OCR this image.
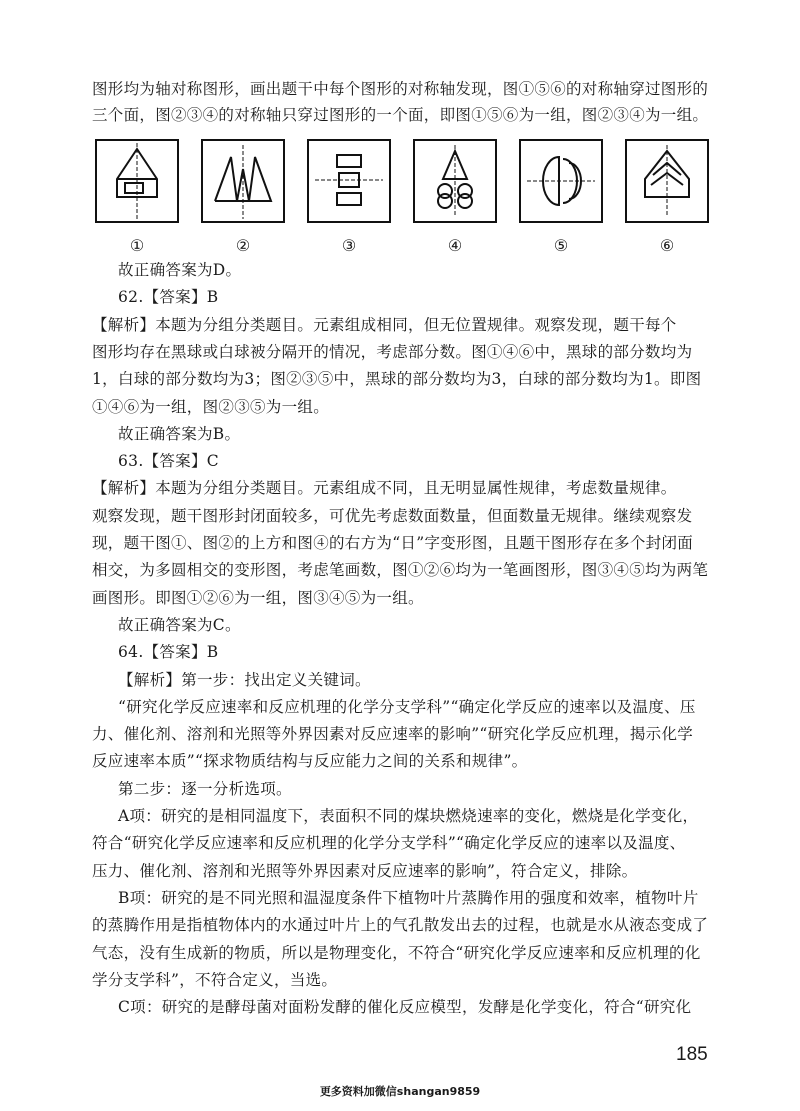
图形均为轴对称图形，画出题干中每个图形的对称轴发现，图①⑤⑥的对称轴穿过图形的
三个面，图②③④的对称轴只穿过图形的一个面，即图①⑤⑥为一组，图②③④为一组。
①	②	③	④	⑤	⑥
故正确答案为D。
62.【答案】B
【解析】本题为分组分类题目。元素组成相同，但无位置规律。观察发现，题干每个
图形均存在黑球或白球被分隔开的情况，考虑部分数。图①④⑥中，黑球的部分数均为
1，白球的部分数均为3；图②③⑤中，黑球的部分数均为3，白球的部分数均为1。即图
①④⑥为一组，图②③⑤为一组。
故正确答案为B。
63.【答案】C
【解析】本题为分组分类题目。元素组成不同，且无明显属性规律，考虑数量规律。
观察发现，题干图形封闭面较多，可优先考虑数面数量，但面数量无规律。继续观察发
现，题干图①、图②的上方和图④的右方为“日”字变形图，且题干图形存在多个封闭面
相交，为多圆相交的变形图，考虑笔画数，图①②⑥均为一笔画图形，图③④⑤均为两笔
画图形。即图①②⑥为一组，图③④⑤为一组。
故正确答案为C。
64.【答案】B
【解析】第一步：找出定义关键词。
“研究化学反应速率和反应机理的化学分支学科”“确定化学反应的速率以及温度、压
力、催化剂、溶剂和光照等外界因素对反应速率的影响”“研究化学反应机理，揭示化学
反应速率本质”“探求物质结构与反应能力之间的关系和规律”。
第二步：逐一分析选项。
A项：研究的是相同温度下，表面积不同的煤块燃烧速率的变化，燃烧是化学变化，
符合“研究化学反应速率和反应机理的化学分支学科”“确定化学反应的速率以及温度、
压力、催化剂、溶剂和光照等外界因素对反应速率的影响”，符合定义，排除。
B项：研究的是不同光照和温湿度条件下植物叶片蒸腾作用的强度和效率，植物叶片
的蒸腾作用是指植物体内的水通过叶片上的气孔散发出去的过程，也就是水从液态变成了
气态，没有生成新的物质，所以是物理变化，不符合“研究化学反应速率和反应机理的化
学分支学科”，不符合定义，当选。
C项：研究的是酵母菌对面粉发酵的催化反应模型，发酵是化学变化，符合“研究化
185
更多资料加微信shangan9859
